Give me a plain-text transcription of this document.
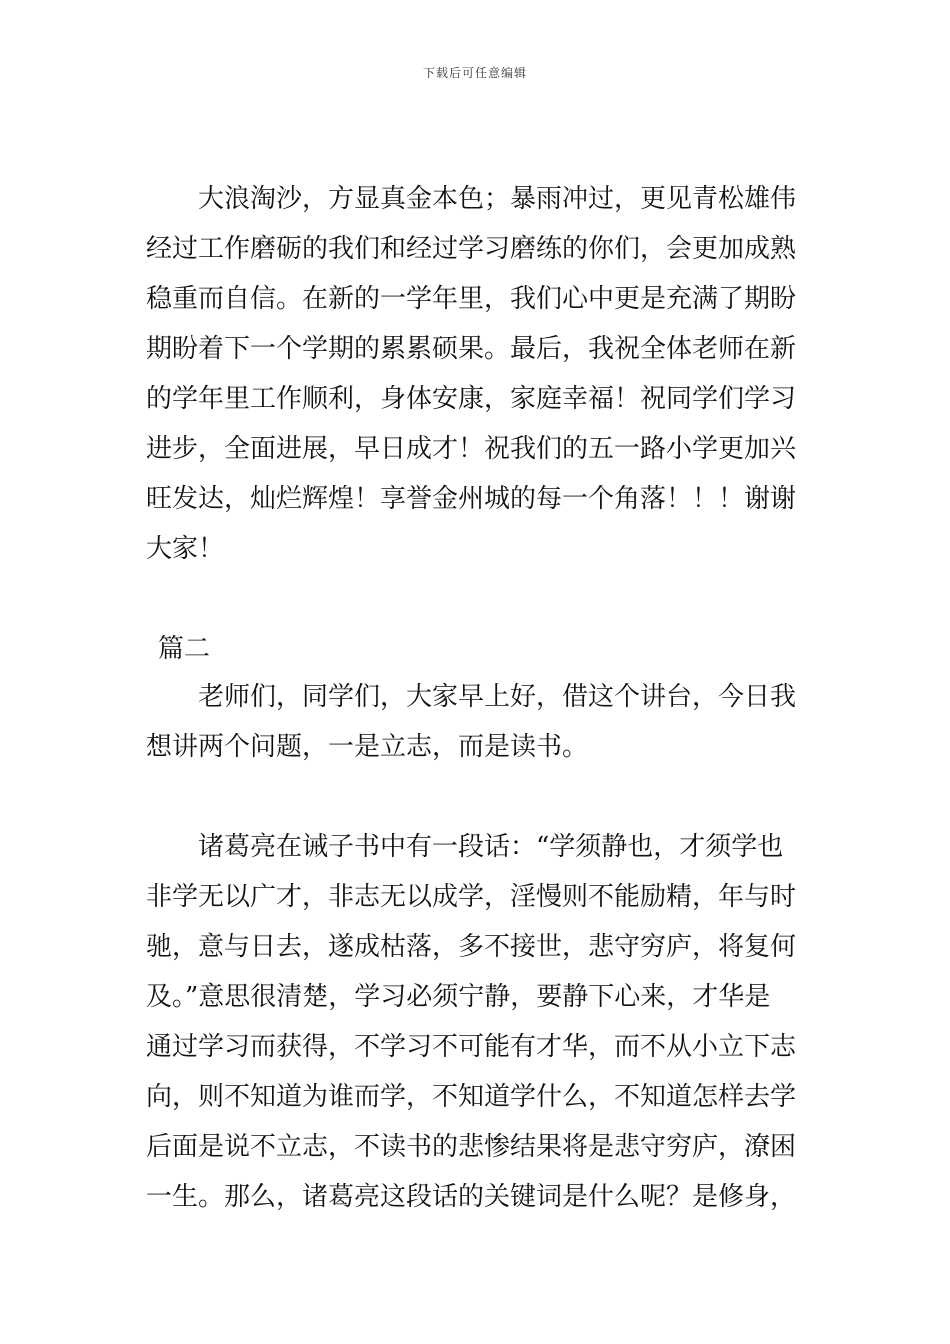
下载后可任意编辑
大浪淘沙，方显真金本色；暴雨冲过，更见青松雄伟
经过工作磨砺的我们和经过学习磨练的你们，会更加成熟
稳重而自信。在新的一学年里，我们心中更是充满了期盼
期盼着下一个学期的累累硕果。最后，我祝全体老师在新
的学年里工作顺利，身体安康，家庭幸福！祝同学们学习
进步，全面进展，早日成才！祝我们的五一路小学更加兴
旺发达，灿烂辉煌！享誉金州城的每一个角落！！！谢谢
大家！
篇二
老师们，同学们，大家早上好，借这个讲台，今日我
想讲两个问题，一是立志，而是读书。
诸葛亮在诫子书中有一段话：“学须静也，才须学也
非学无以广才，非志无以成学，淫慢则不能励精，年与时
驰，意与日去，遂成枯落，多不接世，悲守穷庐，将复何
及。”意思很清楚，学习必须宁静，要静下心来，才华是
通过学习而获得，不学习不可能有才华，而不从小立下志
向，则不知道为谁而学，不知道学什么，不知道怎样去学
后面是说不立志，不读书的悲惨结果将是悲守穷庐，潦困
一生。那么，诸葛亮这段话的关键词是什么呢？是修身，
